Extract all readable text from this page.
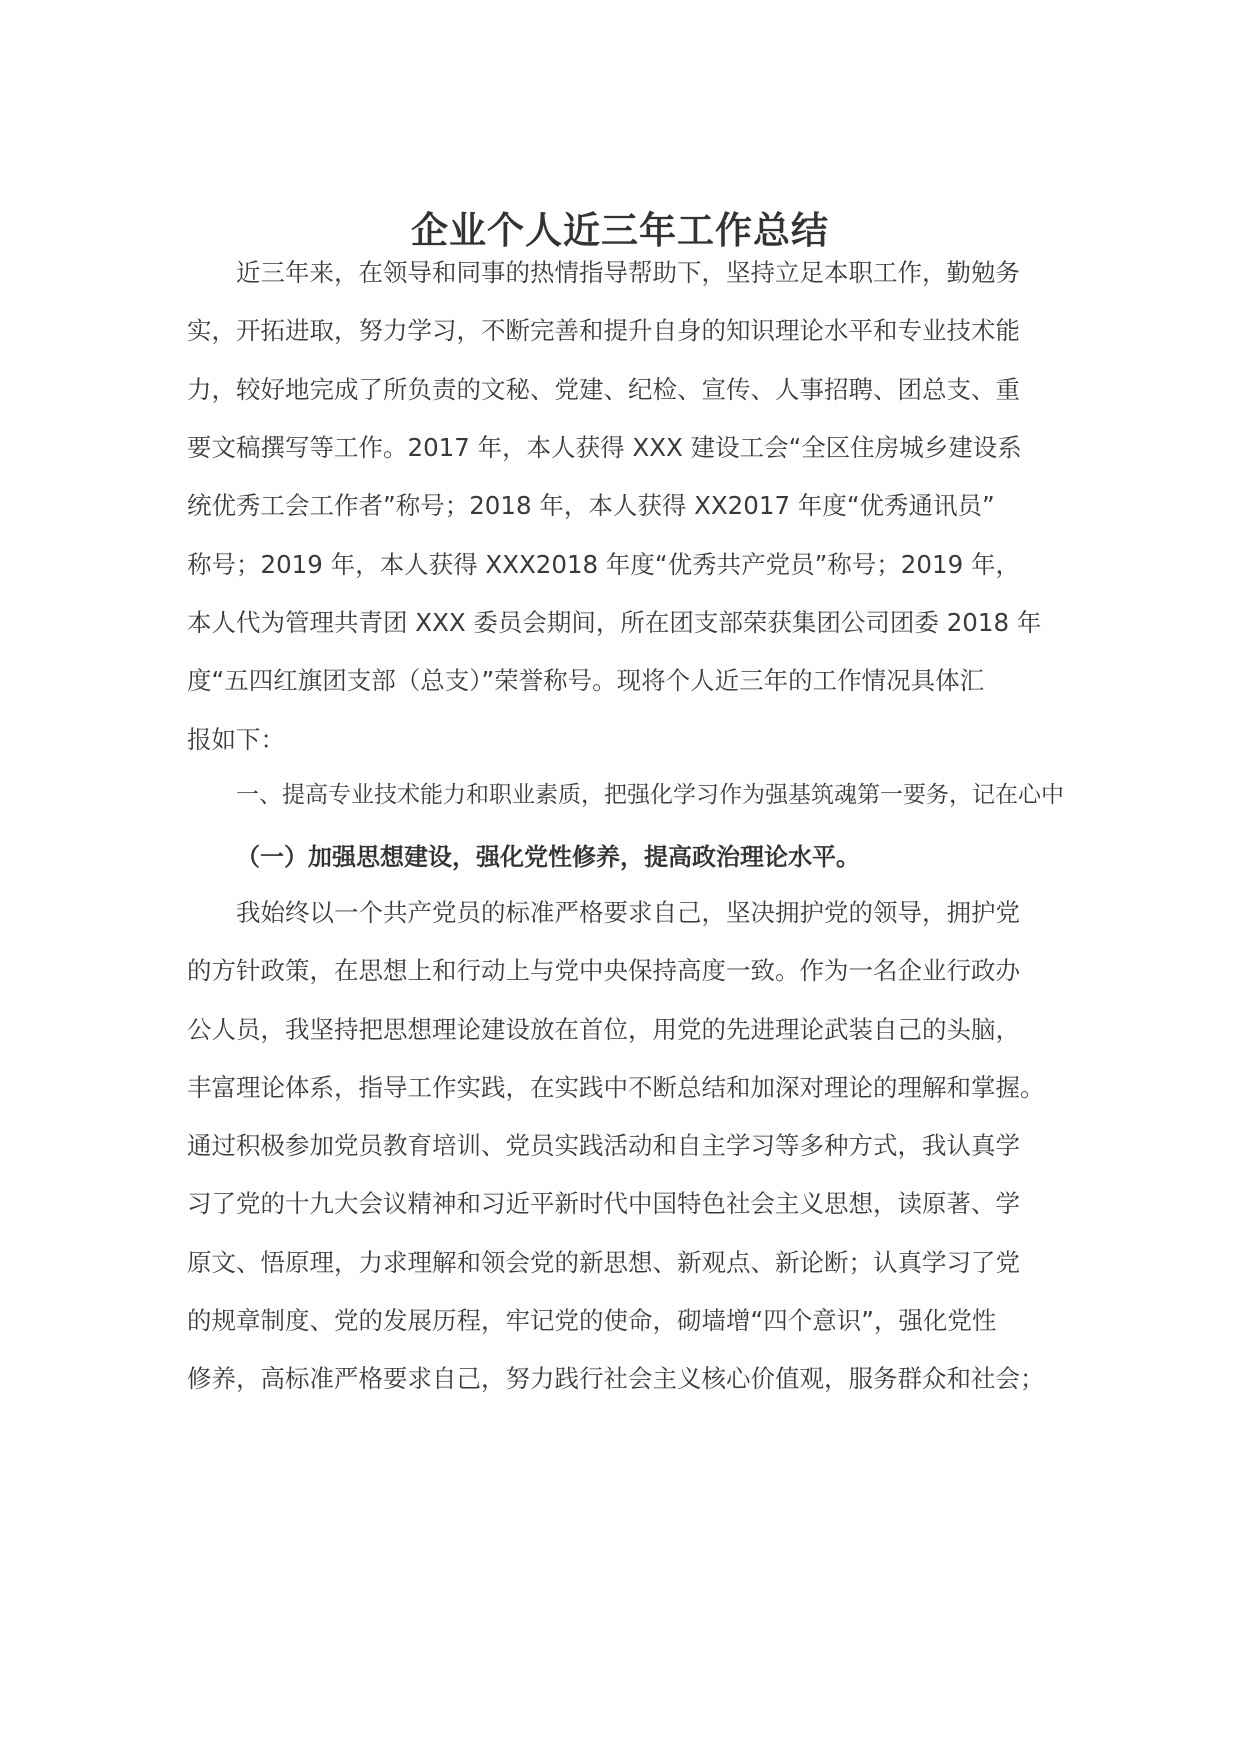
企业个人近三年工作总结
近三年来，在领导和同事的热情指导帮助下，坚持立足本职工作，勤勉务
实，开拓进取，努力学习，不断完善和提升自身的知识理论水平和专业技术能
力，较好地完成了所负责的文秘、党建、纪检、宣传、人事招聘、团总支、重
要文稿撰写等工作。2017 年，本人获得 XXX 建设工会“全区住房城乡建设系
统优秀工会工作者”称号；2018 年，本人获得 XX2017 年度“优秀通讯员”
称号；2019 年，本人获得 XXX2018 年度“优秀共产党员”称号；2019 年，
本人代为管理共青团 XXX 委员会期间，所在团支部荣获集团公司团委 2018 年
度“五四红旗团支部（总支）”荣誉称号。现将个人近三年的工作情况具体汇
报如下：
一、提高专业技术能力和职业素质，把强化学习作为强基筑魂第一要务，记在心中
（一）加强思想建设，强化党性修养，提高政治理论水平。
我始终以一个共产党员的标准严格要求自己，坚决拥护党的领导，拥护党
的方针政策，在思想上和行动上与党中央保持高度一致。作为一名企业行政办
公人员，我坚持把思想理论建设放在首位，用党的先进理论武装自己的头脑，
丰富理论体系，指导工作实践，在实践中不断总结和加深对理论的理解和掌握。
通过积极参加党员教育培训、党员实践活动和自主学习等多种方式，我认真学
习了党的十九大会议精神和习近平新时代中国特色社会主义思想，读原著、学
原文、悟原理，力求理解和领会党的新思想、新观点、新论断；认真学习了党
的规章制度、党的发展历程，牢记党的使命，砌墙增“四个意识”，强化党性
修养，高标准严格要求自己，努力践行社会主义核心价值观，服务群众和社会；
